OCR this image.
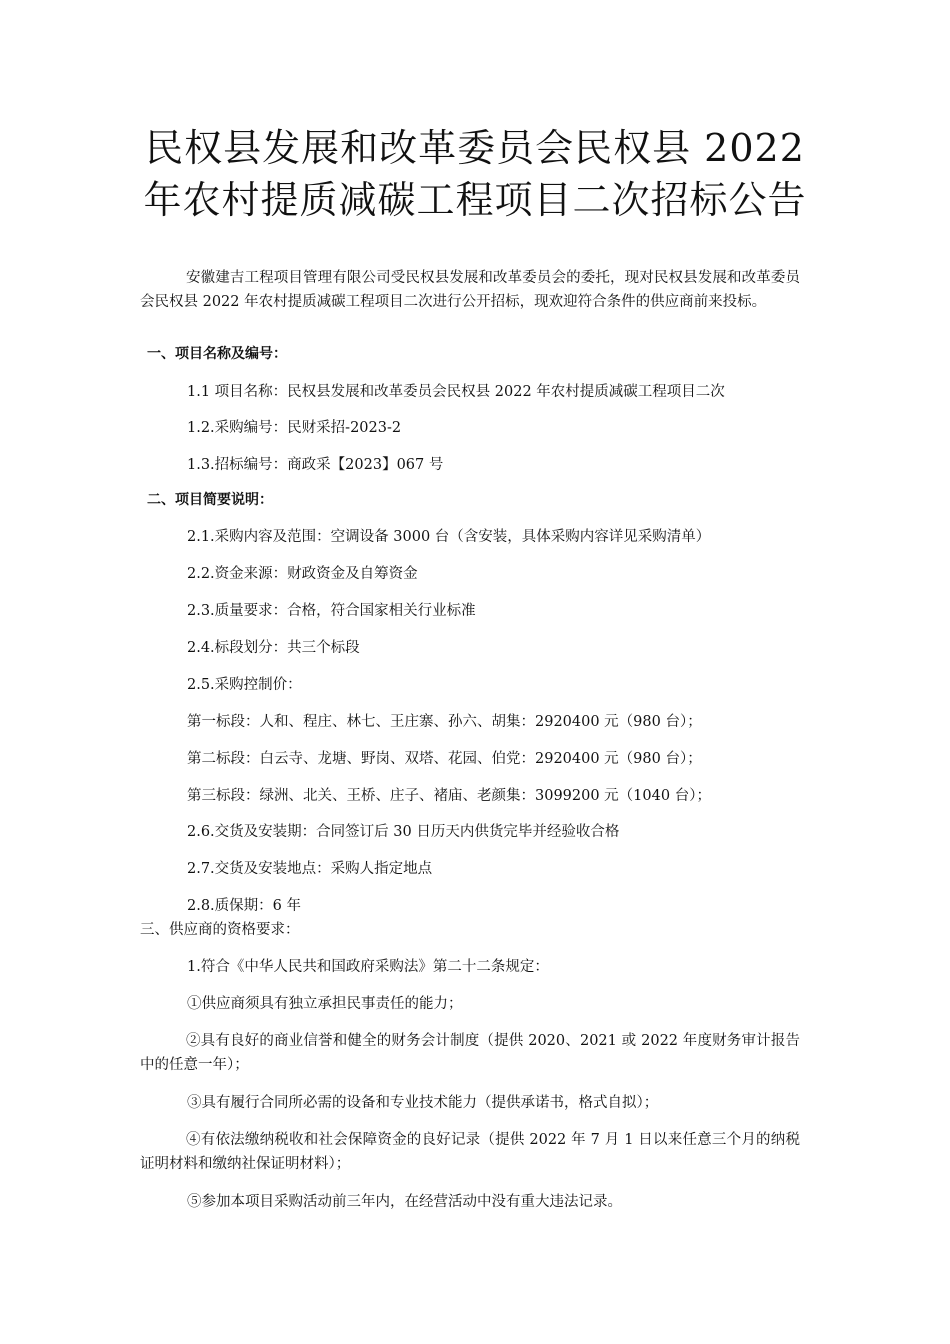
民权县发展和改革委员会民权县 2022
年农村提质减碳工程项目二次招标公告
安徽建吉工程项目管理有限公司受民权县发展和改革委员会的委托，现对民权县发展和改革委员会民权县 2022 年农村提质减碳工程项目二次进行公开招标，现欢迎符合条件的供应商前来投标。
一、项目名称及编号：
1.1 项目名称：民权县发展和改革委员会民权县 2022 年农村提质减碳工程项目二次
1.2.采购编号：民财采招-2023-2
1.3.招标编号：商政采【2023】067 号
二、项目简要说明：
2.1.采购内容及范围：空调设备 3000 台（含安装，具体采购内容详见采购清单）
2.2.资金来源：财政资金及自筹资金
2.3.质量要求：合格，符合国家相关行业标准
2.4.标段划分：共三个标段
2.5.采购控制价：
第一标段：人和、程庄、林七、王庄寨、孙六、胡集：2920400 元（980 台）；
第二标段：白云寺、龙塘、野岗、双塔、花园、伯党：2920400 元（980 台）；
第三标段：绿洲、北关、王桥、庄子、褚庙、老颜集：3099200 元（1040 台）；
2.6.交货及安装期：合同签订后 30 日历天内供货完毕并经验收合格
2.7.交货及安装地点：采购人指定地点
2.8.质保期：6 年
三、供应商的资格要求：
1.符合《中华人民共和国政府采购法》第二十二条规定：
①供应商须具有独立承担民事责任的能力；
②具有良好的商业信誉和健全的财务会计制度（提供 2020、2021 或 2022 年度财务审计报告中的任意一年）；
③具有履行合同所必需的设备和专业技术能力（提供承诺书，格式自拟）；
④有依法缴纳税收和社会保障资金的良好记录（提供 2022 年 7 月 1 日以来任意三个月的纳税证明材料和缴纳社保证明材料）；
⑤参加本项目采购活动前三年内，在经营活动中没有重大违法记录。
